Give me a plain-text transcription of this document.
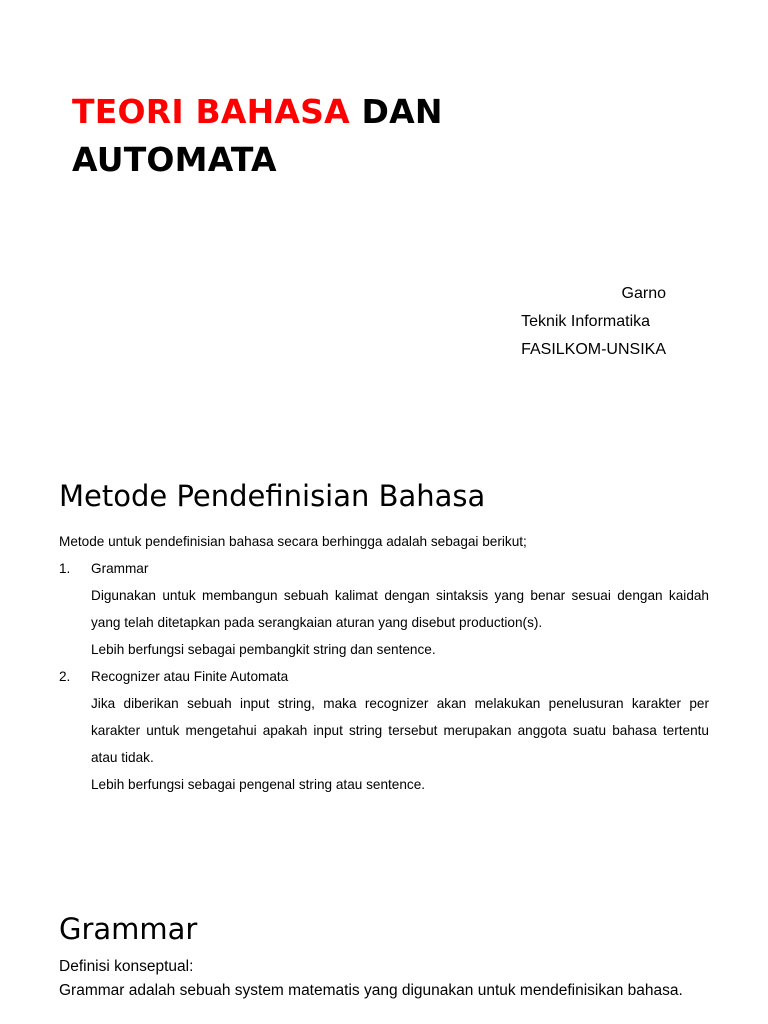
TEORI BAHASA DAN
AUTOMATA
Garno
Teknik Informatika
FASILKOM-UNSIKA
Metode Pendefinisian Bahasa

Metode untuk pendefinisian bahasa secara berhingga adalah sebagai berikut;

1.	Grammar

Digunakan untuk membangun sebuah kalimat dengan sintaksis yang benar sesuai dengan kaidah yang telah ditetapkan pada serangkaian aturan yang disebut production(s).

Lebih berfungsi sebagai pembangkit string dan sentence.

2.	Recognizer atau Finite Automata

Jika diberikan sebuah input string, maka recognizer akan melakukan penelusuran karakter per karakter untuk mengetahui apakah input string tersebut merupakan anggota suatu bahasa tertentu atau tidak.

Lebih berfungsi sebagai pengenal string atau sentence.

Grammar

Definisi konseptual:

Grammar adalah sebuah system matematis yang digunakan untuk mendefinisikan bahasa.
